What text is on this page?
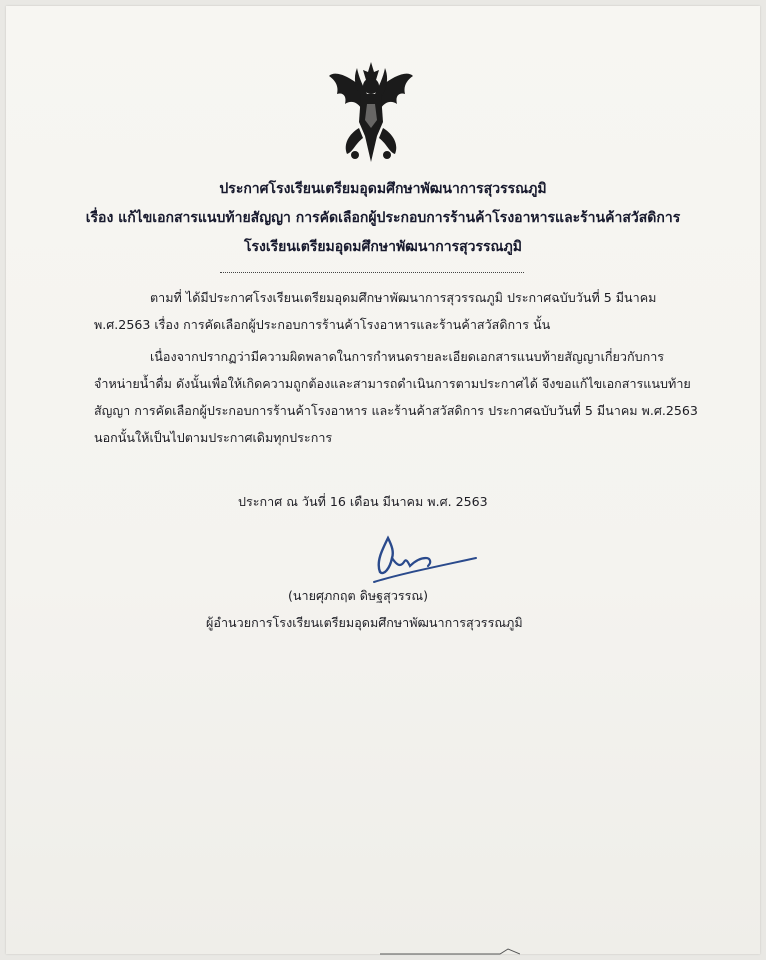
ประกาศโรงเรียนเตรียมอุดมศึกษาพัฒนาการสุวรรณภูมิ
เรื่อง แก้ไขเอกสารแนบท้ายสัญญา การคัดเลือกผู้ประกอบการร้านค้าโรงอาหารและร้านค้าสวัสดิการ
โรงเรียนเตรียมอุดมศึกษาพัฒนาการสุวรรณภูมิ
ตามที่ ได้มีประกาศโรงเรียนเตรียมอุดมศึกษาพัฒนาการสุวรรณภูมิ ประกาศฉบับวันที่ 5 มีนาคม
พ.ศ.2563 เรื่อง การคัดเลือกผู้ประกอบการร้านค้าโรงอาหารและร้านค้าสวัสดิการ นั้น
เนื่องจากปรากฏว่ามีความผิดพลาดในการกำหนดรายละเอียดเอกสารแนบท้ายสัญญาเกี่ยวกับการ
จำหน่ายน้ำดื่ม ดังนั้นเพื่อให้เกิดความถูกต้องและสามารถดำเนินการตามประกาศได้ จึงขอแก้ไขเอกสารแนบท้าย
สัญญา การคัดเลือกผู้ประกอบการร้านค้าโรงอาหาร และร้านค้าสวัสดิการ ประกาศฉบับวันที่ 5 มีนาคม พ.ศ.2563
นอกนั้นให้เป็นไปตามประกาศเดิมทุกประการ
ประกาศ ณ วันที่ 16 เดือน มีนาคม พ.ศ. 2563
(นายศุภกฤต ดิษฐสุวรรณ)
ผู้อำนวยการโรงเรียนเตรียมอุดมศึกษาพัฒนาการสุวรรณภูมิ
